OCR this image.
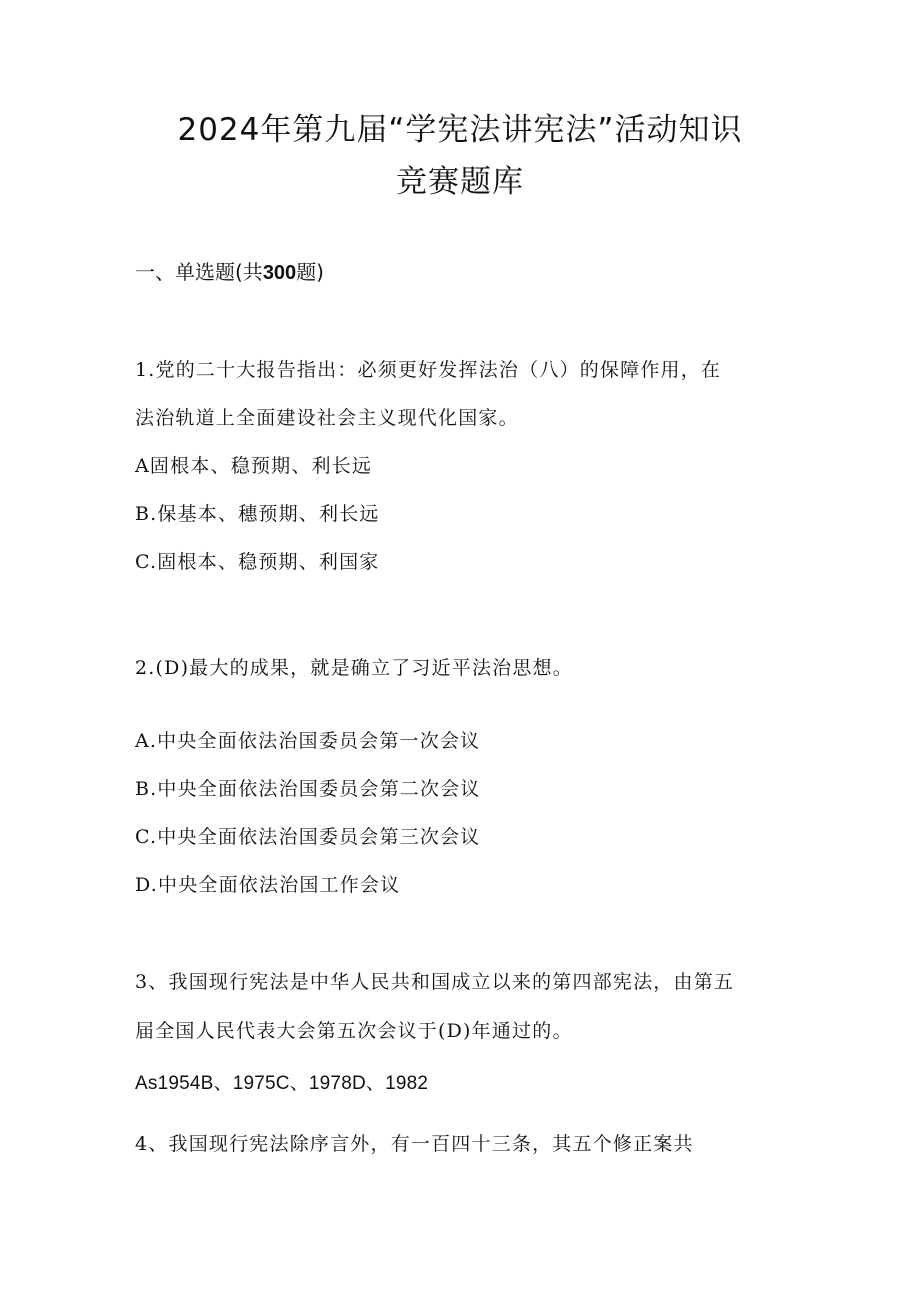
2024年第九届“学宪法讲宪法”活动知识
竞赛题库
一、单选题(共300题)
1.党的二十大报告指出：必须更好发挥法治（八）的保障作用，在
法治轨道上全面建设社会主义现代化国家。
A固根本、稳预期、利长远
B.保基本、穗预期、利长远
C.固根本、稳预期、利国家
2.(D)最大的成果，就是确立了习近平法治思想。
A.中央全面依法治国委员会第一次会议
B.中央全面依法治国委员会第二次会议
C.中央全面依法治国委员会第三次会议
D.中央全面依法治国工作会议
3、我国现行宪法是中华人民共和国成立以来的第四部宪法，由第五
届全国人民代表大会第五次会议于(D)年通过的。
As1954B、1975C、1978D、1982
4、我国现行宪法除序言外，有一百四十三条，其五个修正案共
